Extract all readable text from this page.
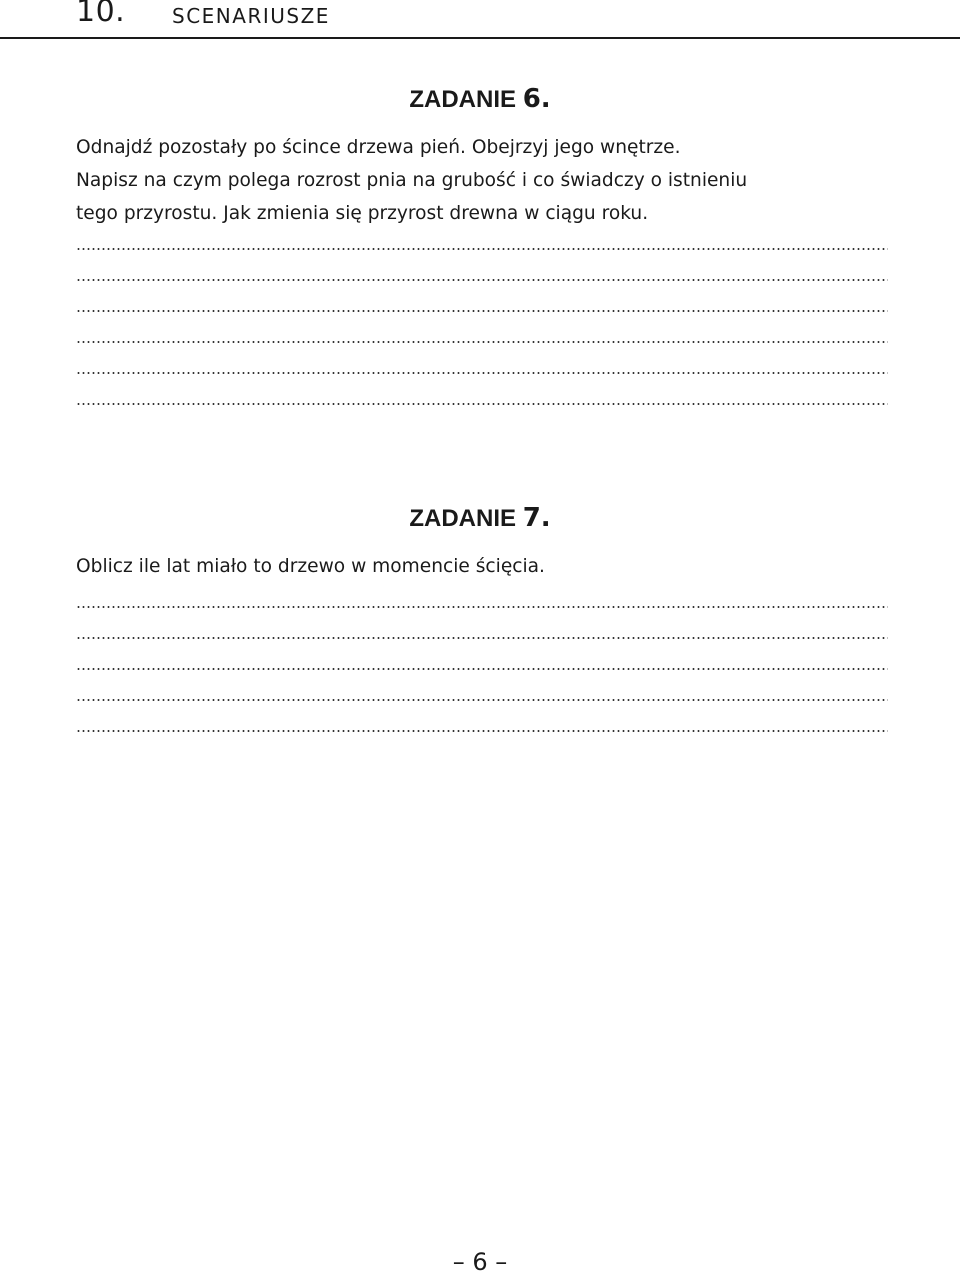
10. SCENARIUSZE
ZADANIE 6.
Odnajdź pozostały po ścince drzewa pień. Obejrzyj jego wnętrze.
Napisz na czym polega rozrost pnia na grubość i co świadczy o istnieniu
tego przyrostu. Jak zmienia się przyrost drewna w ciągu roku.
ZADANIE 7.
Oblicz ile lat miało to drzewo w momencie ścięcia.
– 6 –
